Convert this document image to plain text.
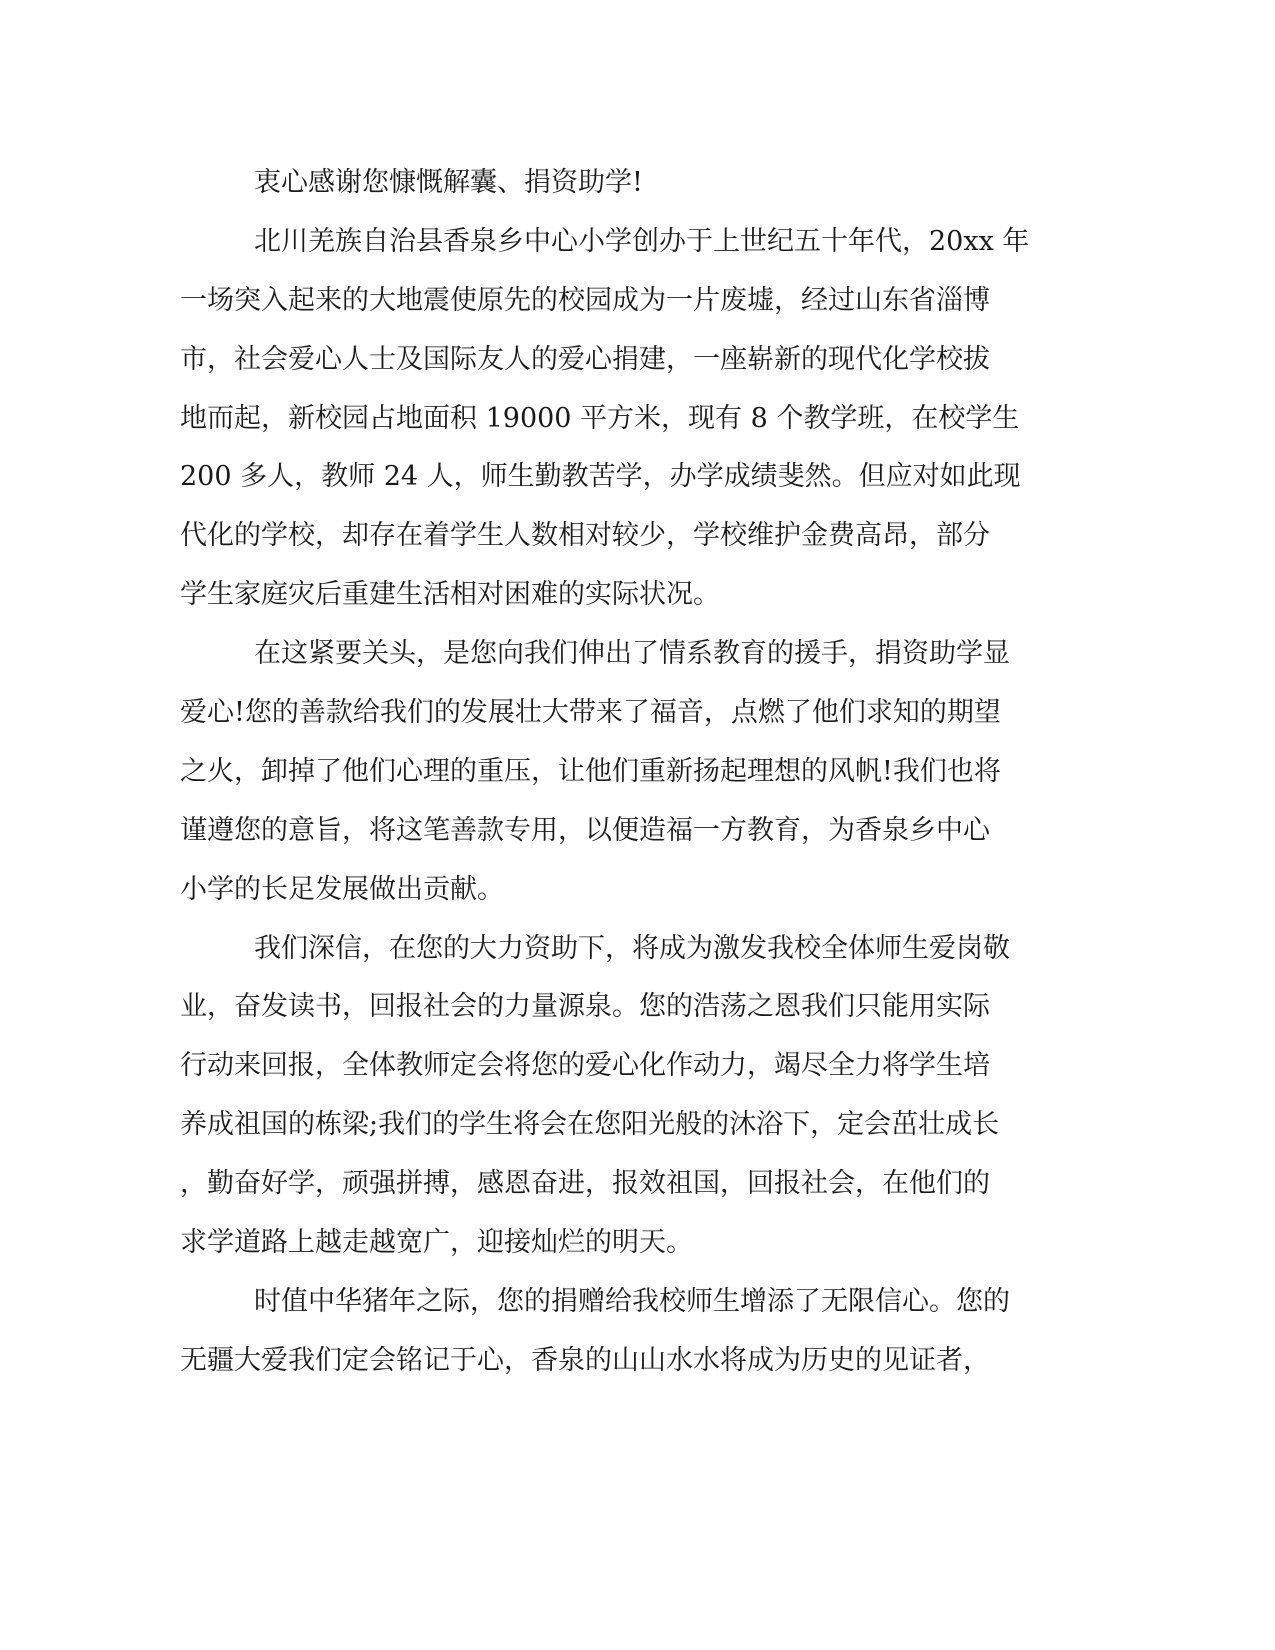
衷心感谢您慷慨解囊、捐资助学!
北川羌族自治县香泉乡中心小学创办于上世纪五十年代，20xx 年
一场突入起来的大地震使原先的校园成为一片废墟，经过山东省淄博
市，社会爱心人士及国际友人的爱心捐建，一座崭新的现代化学校拔
地而起，新校园占地面积 19000 平方米，现有 8 个教学班，在校学生
200 多人，教师 24 人，师生勤教苦学，办学成绩斐然。但应对如此现
代化的学校，却存在着学生人数相对较少，学校维护金费高昂，部分
学生家庭灾后重建生活相对困难的实际状况。
在这紧要关头，是您向我们伸出了情系教育的援手，捐资助学显
爱心!您的善款给我们的发展壮大带来了福音，点燃了他们求知的期望
之火，卸掉了他们心理的重压，让他们重新扬起理想的风帆!我们也将
谨遵您的意旨，将这笔善款专用，以便造福一方教育，为香泉乡中心
小学的长足发展做出贡献。
我们深信，在您的大力资助下，将成为激发我校全体师生爱岗敬
业，奋发读书，回报社会的力量源泉。您的浩荡之恩我们只能用实际
行动来回报，全体教师定会将您的爱心化作动力，竭尽全力将学生培
养成祖国的栋梁;我们的学生将会在您阳光般的沐浴下，定会茁壮成长
，勤奋好学，顽强拼搏，感恩奋进，报效祖国，回报社会，在他们的
求学道路上越走越宽广，迎接灿烂的明天。
时值中华猪年之际，您的捐赠给我校师生增添了无限信心。您的
无疆大爱我们定会铭记于心，香泉的山山水水将成为历史的见证者，
